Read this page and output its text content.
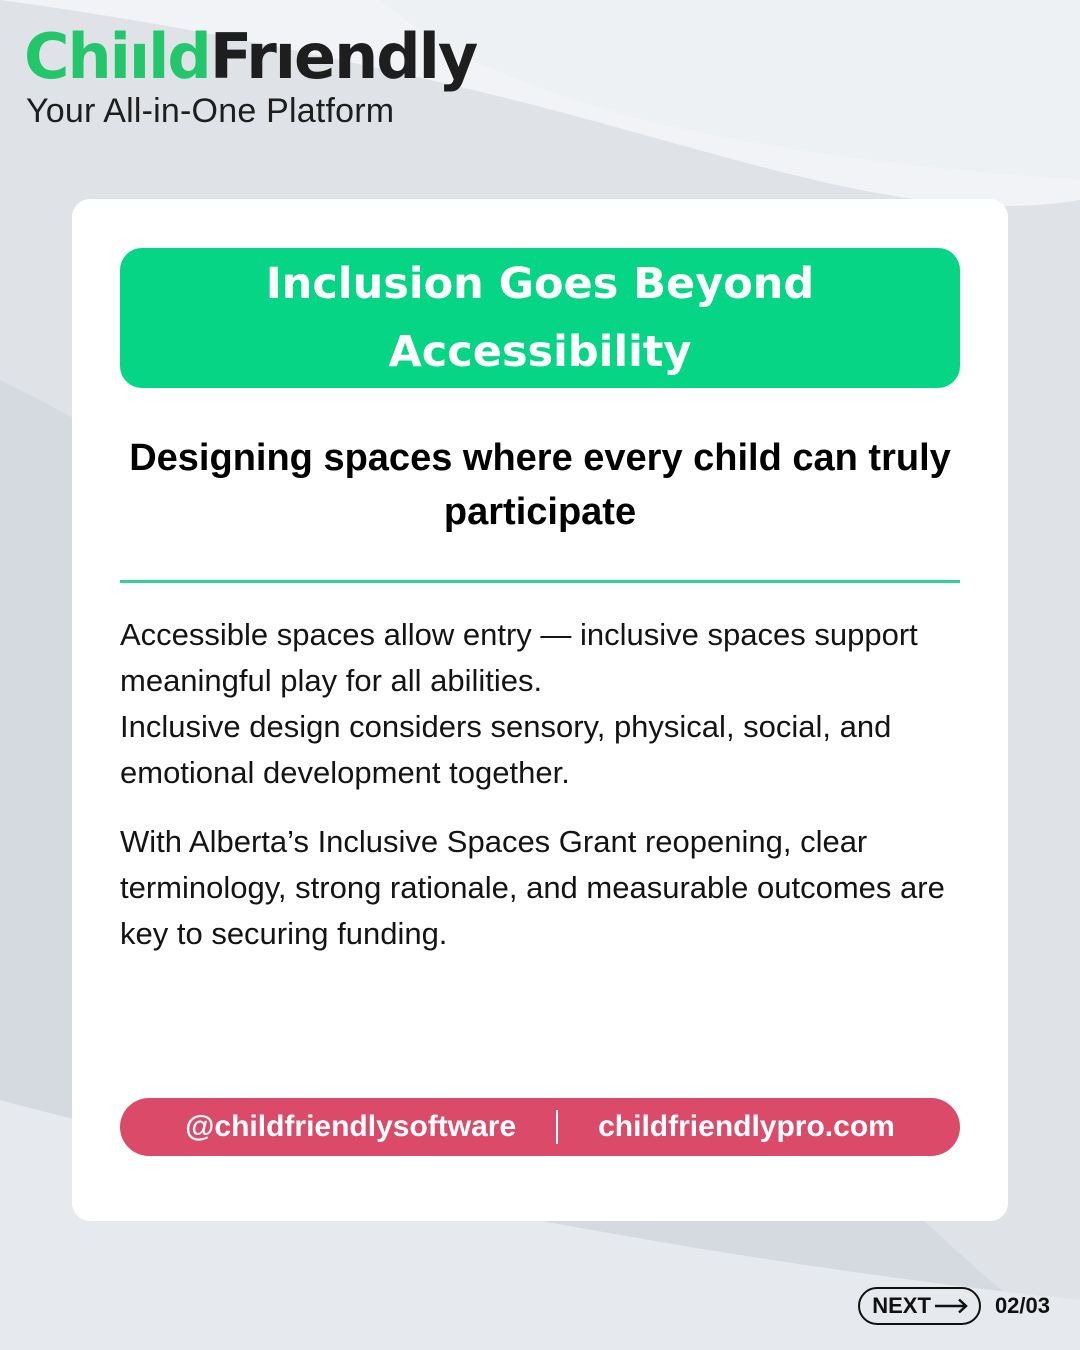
ChiıldFrıendly
Your All-in-One Platform
Inclusion Goes Beyond Accessibility
Designing spaces where every child can truly participate
Accessible spaces allow entry — inclusive spaces support meaningful play for all abilities.
Inclusive design considers sensory, physical, social, and emotional development together.

With Alberta’s Inclusive Spaces Grant reopening, clear terminology, strong rationale, and measurable outcomes are key to securing funding.

@childfriendlysoftware	childfriendlypro.com
NEXT	02/03
